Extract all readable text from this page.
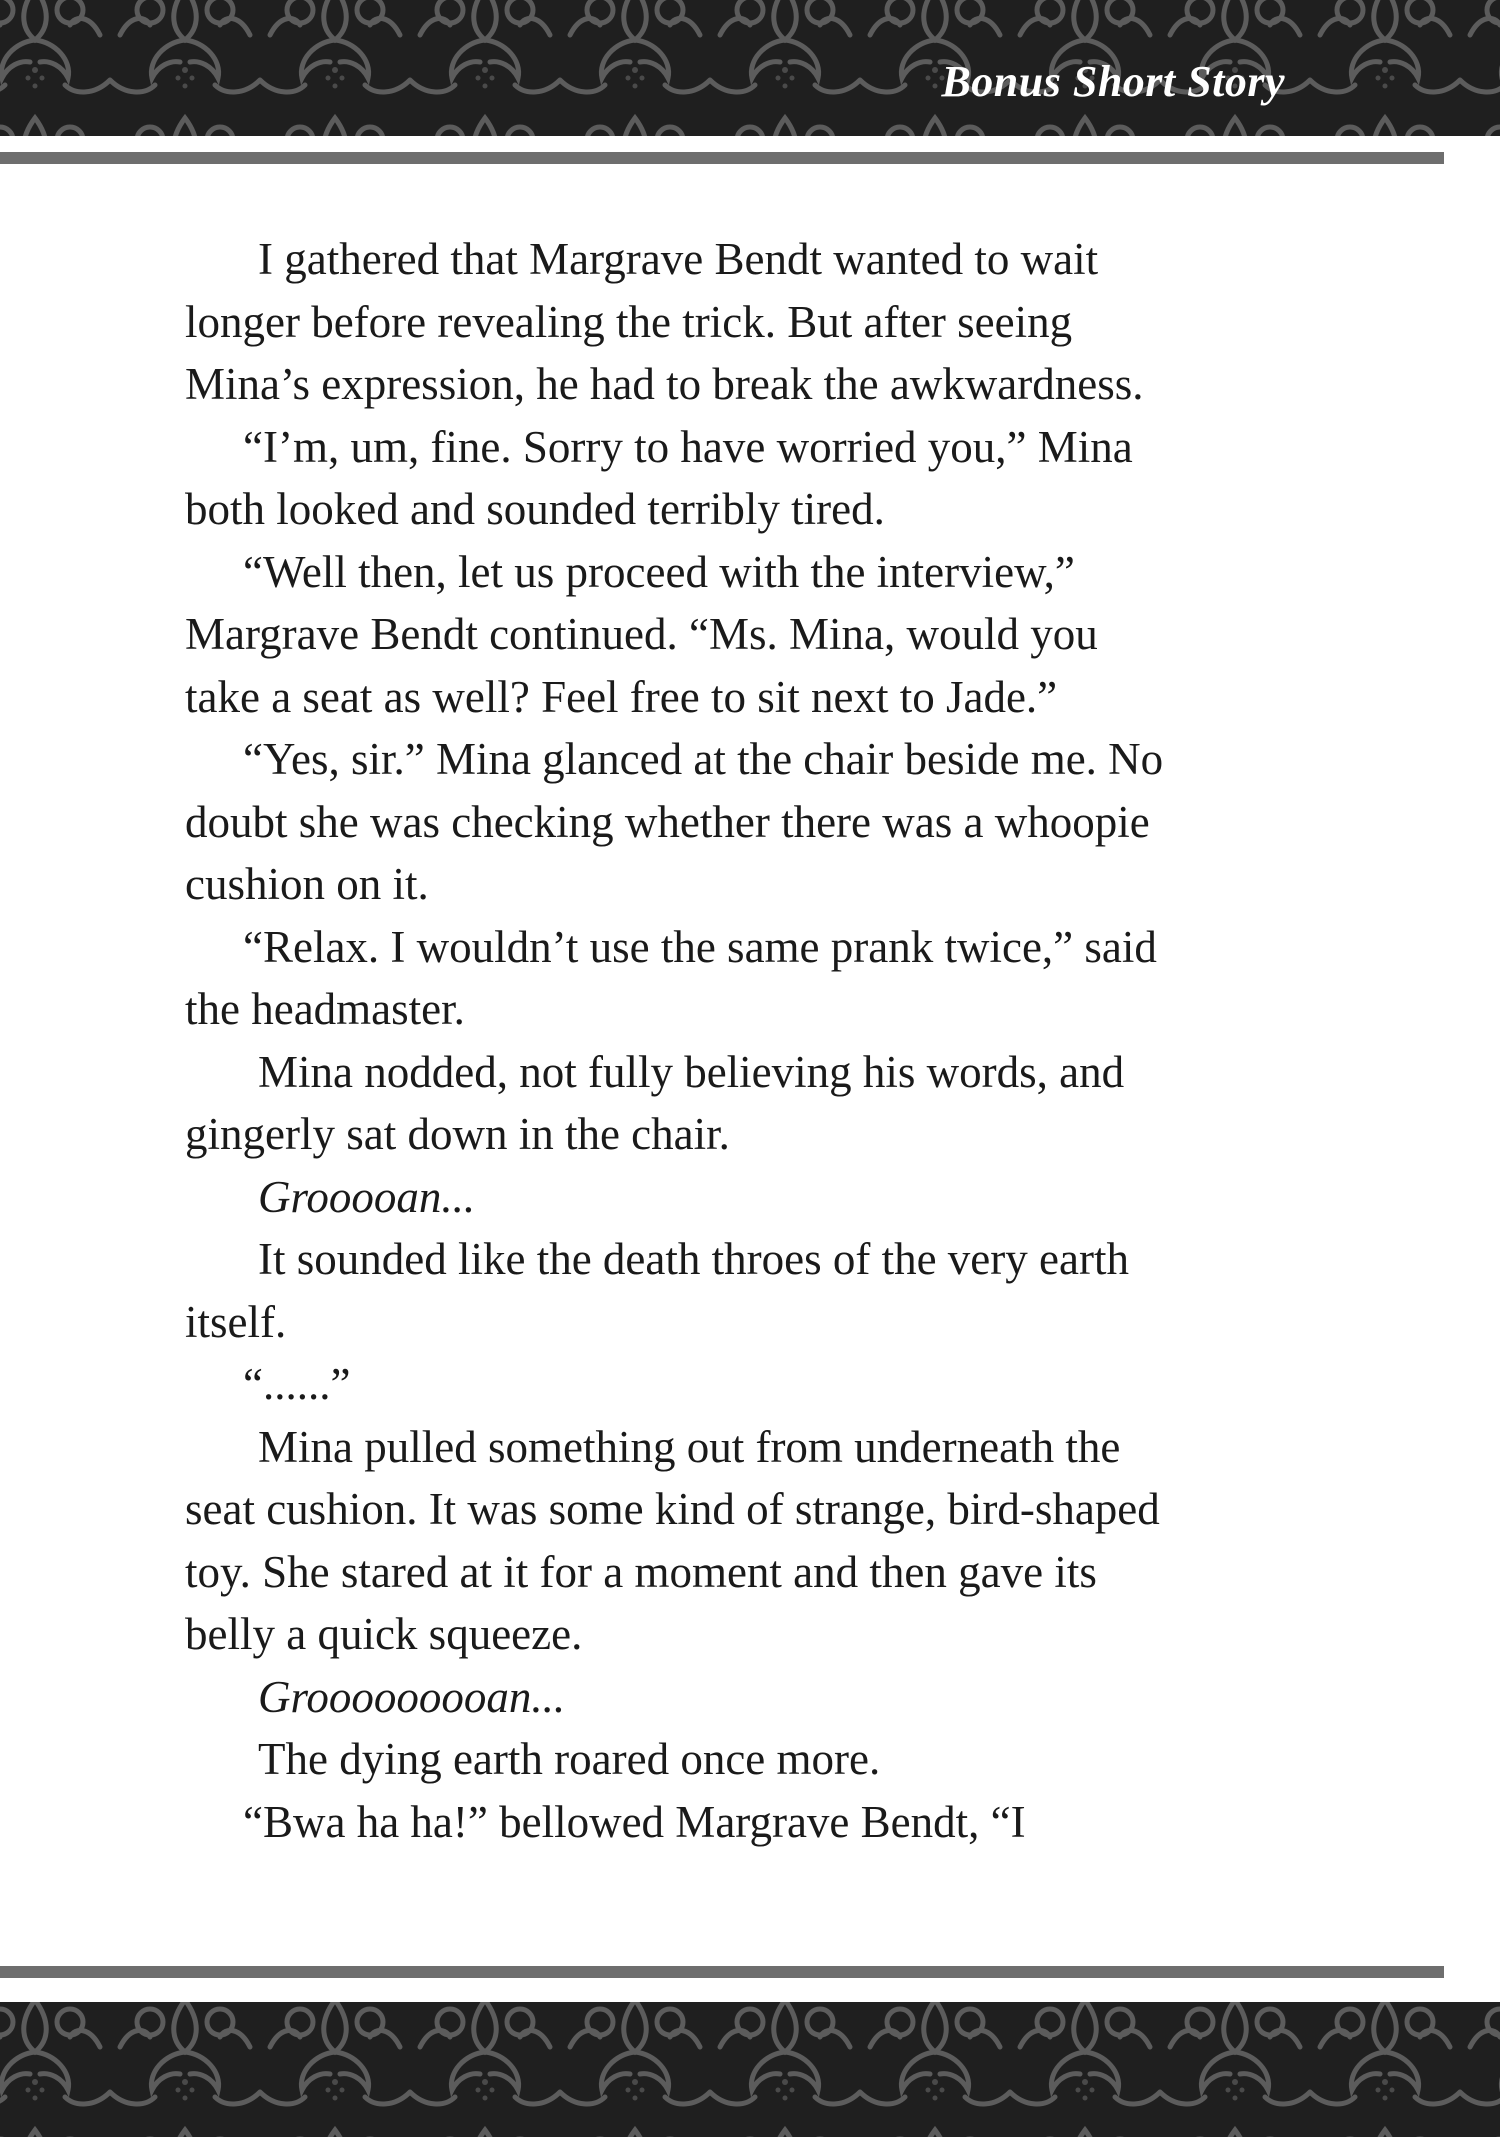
Bonus Short Story

I gathered that Margrave Bendt wanted to wait

longer before revealing the trick. But after seeing

Mina’s expression, he had to break the awkwardness.

“I’m, um, fine. Sorry to have worried you,” Mina

both looked and sounded terribly tired.

“Well then, let us proceed with the interview,”

Margrave Bendt continued. “Ms. Mina, would you

take a seat as well? Feel free to sit next to Jade.”

“Yes, sir.” Mina glanced at the chair beside me. No

doubt she was checking whether there was a whoopie

cushion on it.

“Relax. I wouldn’t use the same prank twice,” said

the headmaster.

Mina nodded, not fully believing his words, and

gingerly sat down in the chair.

Grooooan...

It sounded like the death throes of the very earth

itself.

“......”

Mina pulled something out from underneath the

seat cushion. It was some kind of strange, bird-shaped

toy. She stared at it for a moment and then gave its

belly a quick squeeze.

Grooooooooan...

The dying earth roared once more.

“Bwa ha ha!” bellowed Margrave Bendt, “I
